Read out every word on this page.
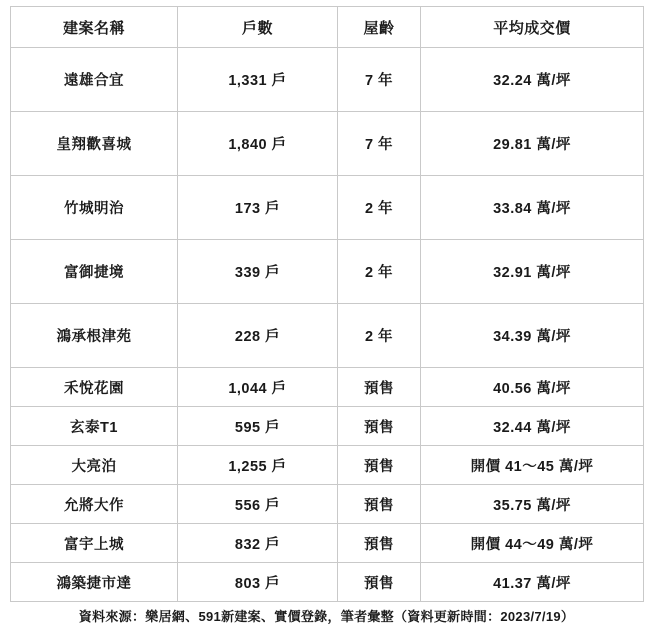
建案名稱	戶數	屋齡	平均成交價
遠雄合宜	1,331 戶	7 年	32.24 萬/坪
皇翔歡喜城	1,840 戶	7 年	29.81 萬/坪
竹城明治	173 戶	2 年	33.84 萬/坪
富御捷境	339 戶	2 年	32.91 萬/坪
鴻承根津苑	228 戶	2 年	34.39 萬/坪
禾悅花園	1,044 戶	預售	40.56 萬/坪
玄泰T1	595 戶	預售	32.44 萬/坪
大亮泊	1,255 戶	預售	開價 41〜45 萬/坪
允將大作	556 戶	預售	35.75 萬/坪
富宇上城	832 戶	預售	開價 44〜49 萬/坪
鴻築捷市達	803 戶	預售	41.37 萬/坪
資料來源：樂居網、591新建案、實價登錄，筆者彙整（資料更新時間：2023/7/19）
